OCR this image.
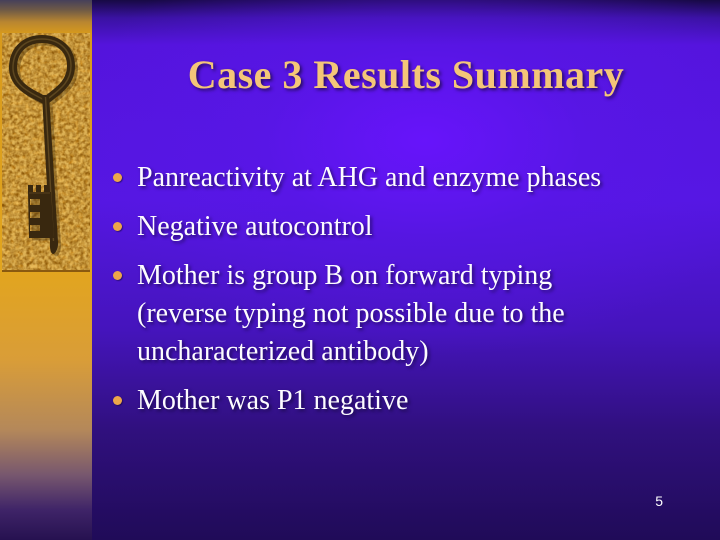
Case 3 Results Summary
Panreactivity at AHG and enzyme phases
Negative autocontrol
Mother is group B on forward typing
(reverse typing not possible due to the
uncharacterized antibody)
Mother was P1 negative
5
